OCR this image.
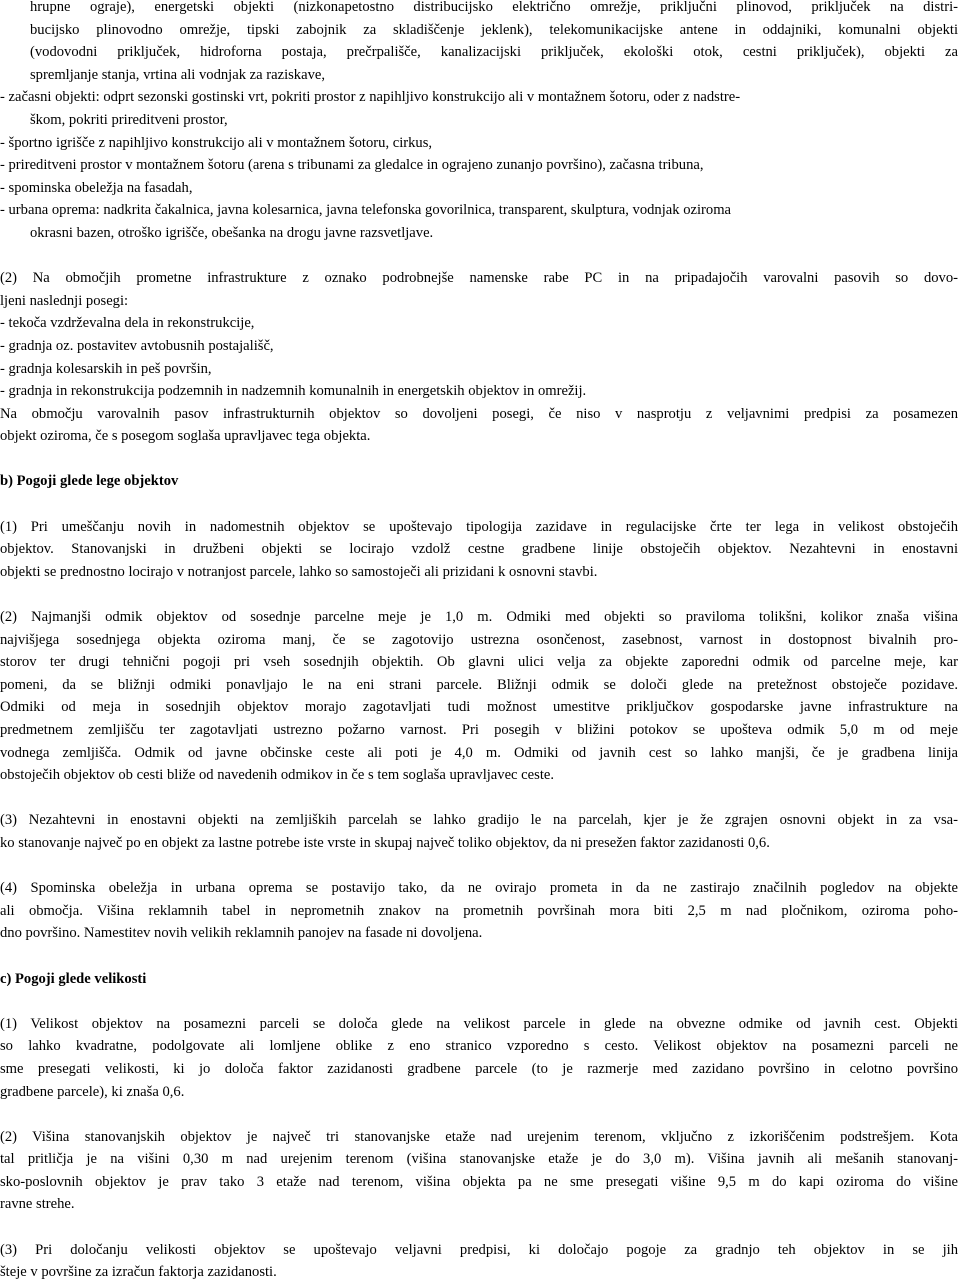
hrupne ograje), energetski objekti (nizkonapetostno distribucijsko električno omrežje, priključni plinovod, priključek na distri-
bucijsko plinovodno omrežje, tipski zabojnik za skladiščenje jeklenk), telekomunikacijske antene in oddajniki, komunalni objekti
(vodovodni priključek, hidroforna postaja, prečrpališče, kanalizacijski priključek, ekološki otok, cestni priključek), objekti za
spremljanje stanja, vrtina ali vodnjak za raziskave,
- začasni objekti: odprt sezonski gostinski vrt, pokriti prostor z napihljivo konstrukcijo ali v montažnem šotoru, oder z nadstre-
škom, pokriti prireditveni prostor,
- športno igrišče z napihljivo konstrukcijo ali v montažnem šotoru, cirkus,
- prireditveni prostor v montažnem šotoru (arena s tribunami za gledalce in ograjeno zunanjo površino), začasna tribuna,
- spominska obeležja na fasadah,
- urbana oprema: nadkrita čakalnica, javna kolesarnica, javna telefonska govorilnica, transparent, skulptura, vodnjak oziroma
okrasni bazen, otroško igrišče, obešanka na drogu javne razsvetljave.
(2) Na območjih prometne infrastrukture z oznako podrobnejše namenske rabe PC in na pripadajočih varovalni pasovih so dovo-
ljeni naslednji posegi:
- tekoča vzdrževalna dela in rekonstrukcije,
- gradnja oz. postavitev avtobusnih postajališč,
- gradnja kolesarskih in peš površin,
- gradnja in rekonstrukcija podzemnih in nadzemnih komunalnih in energetskih objektov in omrežij.
Na območju varovalnih pasov infrastrukturnih objektov so dovoljeni posegi, če niso v nasprotju z veljavnimi predpisi za posamezen
objekt oziroma, če s posegom soglaša upravljavec tega objekta.
b) Pogoji glede lege objektov
(1) Pri umeščanju novih in nadomestnih objektov se upoštevajo tipologija zazidave in regulacijske črte ter lega in velikost obstoječih
objektov. Stanovanjski in družbeni objekti se locirajo vzdolž cestne gradbene linije obstoječih objektov. Nezahtevni in enostavni
objekti se prednostno locirajo v notranjost parcele, lahko so samostoječi ali prizidani k osnovni stavbi.
(2) Najmanjši odmik objektov od sosednje parcelne meje je 1,0 m. Odmiki med objekti so praviloma tolikšni, kolikor znaša višina
najvišjega sosednjega objekta oziroma manj, če se zagotovijo ustrezna osončenost, zasebnost, varnost in dostopnost bivalnih pro-
storov ter drugi tehnični pogoji pri vseh sosednjih objektih. Ob glavni ulici velja za objekte zaporedni odmik od parcelne meje, kar
pomeni, da se bližnji odmiki ponavljajo le na eni strani parcele. Bližnji odmik se določi glede na pretežnost obstoječe pozidave.
Odmiki od meja in sosednjih objektov morajo zagotavljati tudi možnost umestitve priključkov gospodarske javne infrastrukture na
predmetnem zemljišču ter zagotavljati ustrezno požarno varnost. Pri posegih v bližini potokov se upošteva odmik 5,0 m od meje
vodnega zemljišča. Odmik od javne občinske ceste ali poti je 4,0 m. Odmiki od javnih cest so lahko manjši, če je gradbena linija
obstoječih objektov ob cesti bliže od navedenih odmikov in če s tem soglaša upravljavec ceste.
(3) Nezahtevni in enostavni objekti na zemljiških parcelah se lahko gradijo le na parcelah, kjer je že zgrajen osnovni objekt in za vsa-
ko stanovanje največ po en objekt za lastne potrebe iste vrste in skupaj največ toliko objektov, da ni presežen faktor zazidanosti 0,6.
(4) Spominska obeležja in urbana oprema se postavijo tako, da ne ovirajo prometa in da ne zastirajo značilnih pogledov na objekte
ali območja. Višina reklamnih tabel in neprometnih znakov na prometnih površinah mora biti 2,5 m nad pločnikom, oziroma poho-
dno površino. Namestitev novih velikih reklamnih panojev na fasade ni dovoljena.
c) Pogoji glede velikosti
(1) Velikost objektov na posamezni parceli se določa glede na velikost parcele in glede na obvezne odmike od javnih cest. Objekti
so lahko kvadratne, podolgovate ali lomljene oblike z eno stranico vzporedno s cesto. Velikost objektov na posamezni parceli ne
sme presegati velikosti, ki jo določa faktor zazidanosti gradbene parcele (to je razmerje med zazidano površino in celotno površino
gradbene parcele), ki znaša 0,6.
(2) Višina stanovanjskih objektov je največ tri stanovanjske etaže nad urejenim terenom, vključno z izkoriščenim podstrešjem. Kota
tal pritličja je na višini 0,30 m nad urejenim terenom (višina stanovanjske etaže je do 3,0 m). Višina javnih ali mešanih stanovanj-
sko-poslovnih objektov je prav tako 3 etaže nad terenom, višina objekta pa ne sme presegati višine 9,5 m do kapi oziroma do višine
ravne strehe.
(3) Pri določanju velikosti objektov se upoštevajo veljavni predpisi, ki določajo pogoje za gradnjo teh objektov in se jih
šteje v površine za izračun faktorja zazidanosti.
